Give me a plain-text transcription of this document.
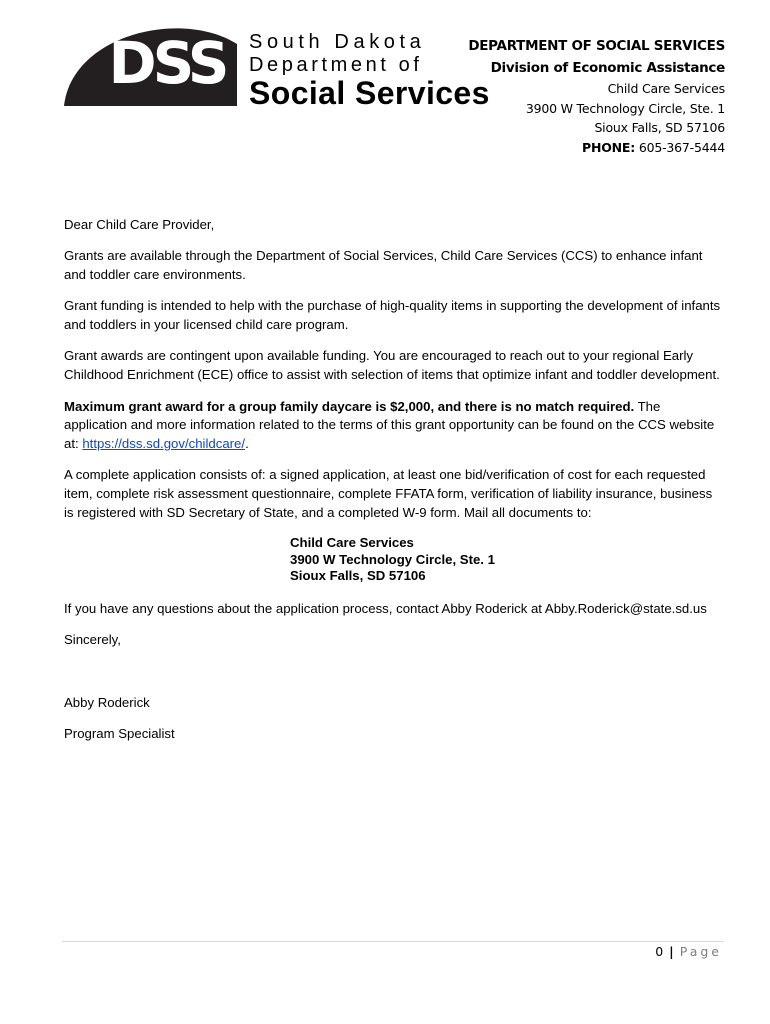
DSS	South Dakota
Department of
Social Services
DEPARTMENT OF SOCIAL SERVICES
Division of Economic Assistance
Child Care Services
3900 W Technology Circle, Ste. 1
Sioux Falls, SD 57106
PHONE: 605-367-5444

Dear Child Care Provider,

Grants are available through the Department of Social Services, Child Care Services (CCS) to enhance infant and toddler care environments.

Grant funding is intended to help with the purchase of high-quality items in supporting the development of infants and toddlers in your licensed child care program.

Grant awards are contingent upon available funding. You are encouraged to reach out to your regional Early Childhood Enrichment (ECE) office to assist with selection of items that optimize infant and toddler development.

Maximum grant award for a group family daycare is $2,000, and there is no match required. The application and more information related to the terms of this grant opportunity can be found on the CCS website at: https://dss.sd.gov/childcare/.

A complete application consists of: a signed application, at least one bid/verification of cost for each requested item, complete risk assessment questionnaire, complete FFATA form, verification of liability insurance, business is registered with SD Secretary of State, and a completed W-9 form. Mail all documents to:

Child Care Services
3900 W Technology Circle, Ste. 1
Sioux Falls, SD 57106

If you have any questions about the application process, contact Abby Roderick at Abby.Roderick@state.sd.us

Sincerely,

Abby Roderick

Program Specialist

0 | Page
